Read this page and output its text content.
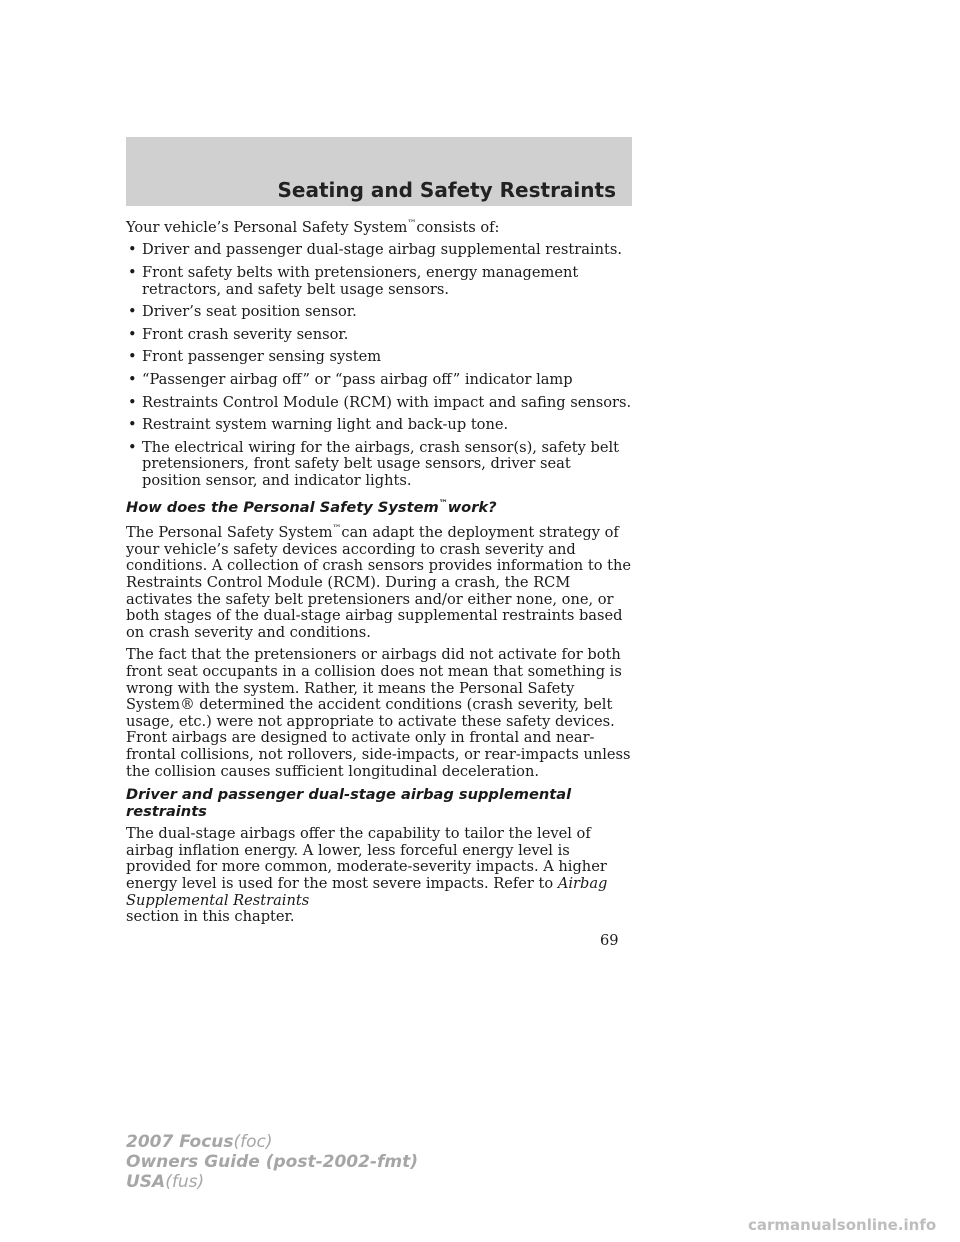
Seating and Safety Restraints

Your vehicle’s Personal Safety System™consists of:

• Driver and passenger dual-stage airbag supplemental restraints.
• Front safety belts with pretensioners, energy management retractors, and safety belt usage sensors.
• Driver’s seat position sensor.
• Front crash severity sensor.
• Front passenger sensing system
• “Passenger airbag off” or “pass airbag off” indicator lamp
• Restraints Control Module (RCM) with impact and safing sensors.
• Restraint system warning light and back-up tone.
• The electrical wiring for the airbags, crash sensor(s), safety belt pretensioners, front safety belt usage sensors, driver seat position sensor, and indicator lights.
How does the Personal Safety System™work?

The Personal Safety System™can adapt the deployment strategy of your vehicle’s safety devices according to crash severity and conditions. A collection of crash sensors provides information to the Restraints Control Module (RCM). During a crash, the RCM activates the safety belt pretensioners and/or either none, one, or both stages of the dual-stage airbag supplemental restraints based on crash severity and conditions.

The fact that the pretensioners or airbags did not activate for both front seat occupants in a collision does not mean that something is wrong with the system. Rather, it means the Personal Safety System® determined the accident conditions (crash severity, belt usage, etc.) were not appropriate to activate these safety devices. Front airbags are designed to activate only in frontal and near-frontal collisions, not rollovers, side-impacts, or rear-impacts unless the collision causes sufficient longitudinal deceleration.

Driver and passenger dual-stage airbag supplemental restraints

The dual-stage airbags offer the capability to tailor the level of airbag inflation energy. A lower, less forceful energy level is provided for more common, moderate-severity impacts. A higher energy level is used for the most severe impacts. Refer to Airbag Supplemental Restraints
section in this chapter.

69
2007 Focus(foc)
Owners Guide (post-2002-fmt)
USA(fus)
carmanualsonline.info
